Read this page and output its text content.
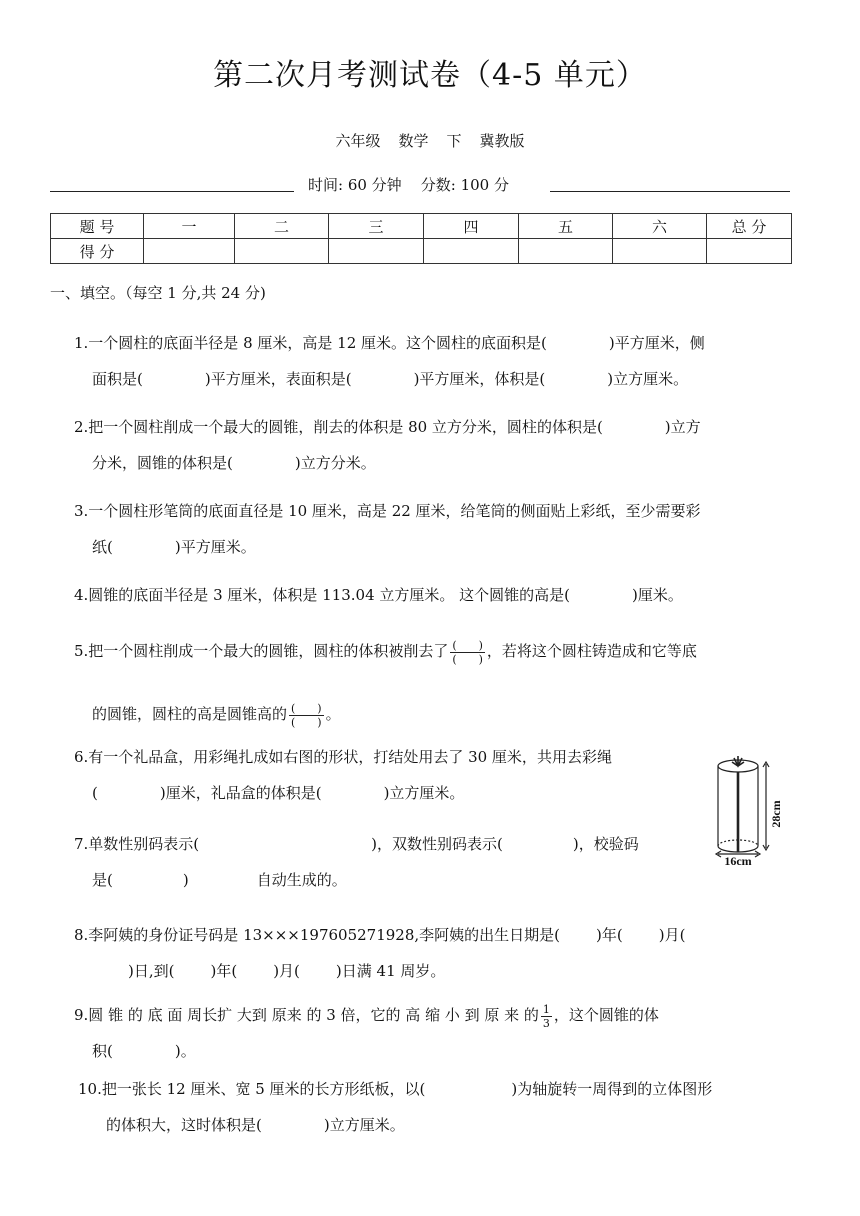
第二次月考测试卷（4-5 单元）
六年级 数学 下 冀教版
时间: 60 分钟 分数: 100 分
题 号	一	二	三	四	五	六	总 分
得 分							
一、填空。（每空 1 分,共 24 分)
1.一个圆柱的底面半径是 8 厘米，高是 12 厘米。这个圆柱的底面积是(	)平方厘米，侧
面积是(	)平方厘米，表面积是(	)平方厘米，体积是(	)立方厘米。
2.把一个圆柱削成一个最大的圆锥，削去的体积是 80 立方分米，圆柱的体积是(	)立方
分米，圆锥的体积是(	)立方分米。
3.一个圆柱形笔筒的底面直径是 10 厘米，高是 22 厘米，给笔筒的侧面贴上彩纸，至少需要彩
纸(	)平方厘米。
4.圆锥的底面半径是 3 厘米，体积是 113.04 立方厘米。 这个圆锥的高是(	)厘米。
5.把一个圆柱削成一个最大的圆锥，圆柱的体积被削去了 $\frac{( )}{( )}$ ，若将这个圆柱铸造成和它等底
的圆锥，圆柱的高是圆锥高的 $\frac{( )}{( )}$ 。
6.有一个礼品盒，用彩绳扎成如右图的形状，打结处用去了 30 厘米，共用去彩绳
(	)厘米，礼品盒的体积是(	)立方厘米。
28cm
16cm
7.单数性别码表示(	)，双数性别码表示(	)，校验码
是(	)	自动生成的。
8.李阿姨的身份证号码是 13×××197605271928,李阿姨的出生日期是( )年( )月(
)日,到( )年( )月( )日满 41 周岁。
9.圆 锥 的 底 面 周长扩 大到 原来 的 3 倍，它的 高 缩 小 到 原 来 的 $\frac{1}{3}$ ，这个圆锥的体
积(	)。
10.把一张长 12 厘米、宽 5 厘米的长方形纸板，以(	)为轴旋转一周得到的立体图形
的体积大，这时体积是(	)立方厘米。
